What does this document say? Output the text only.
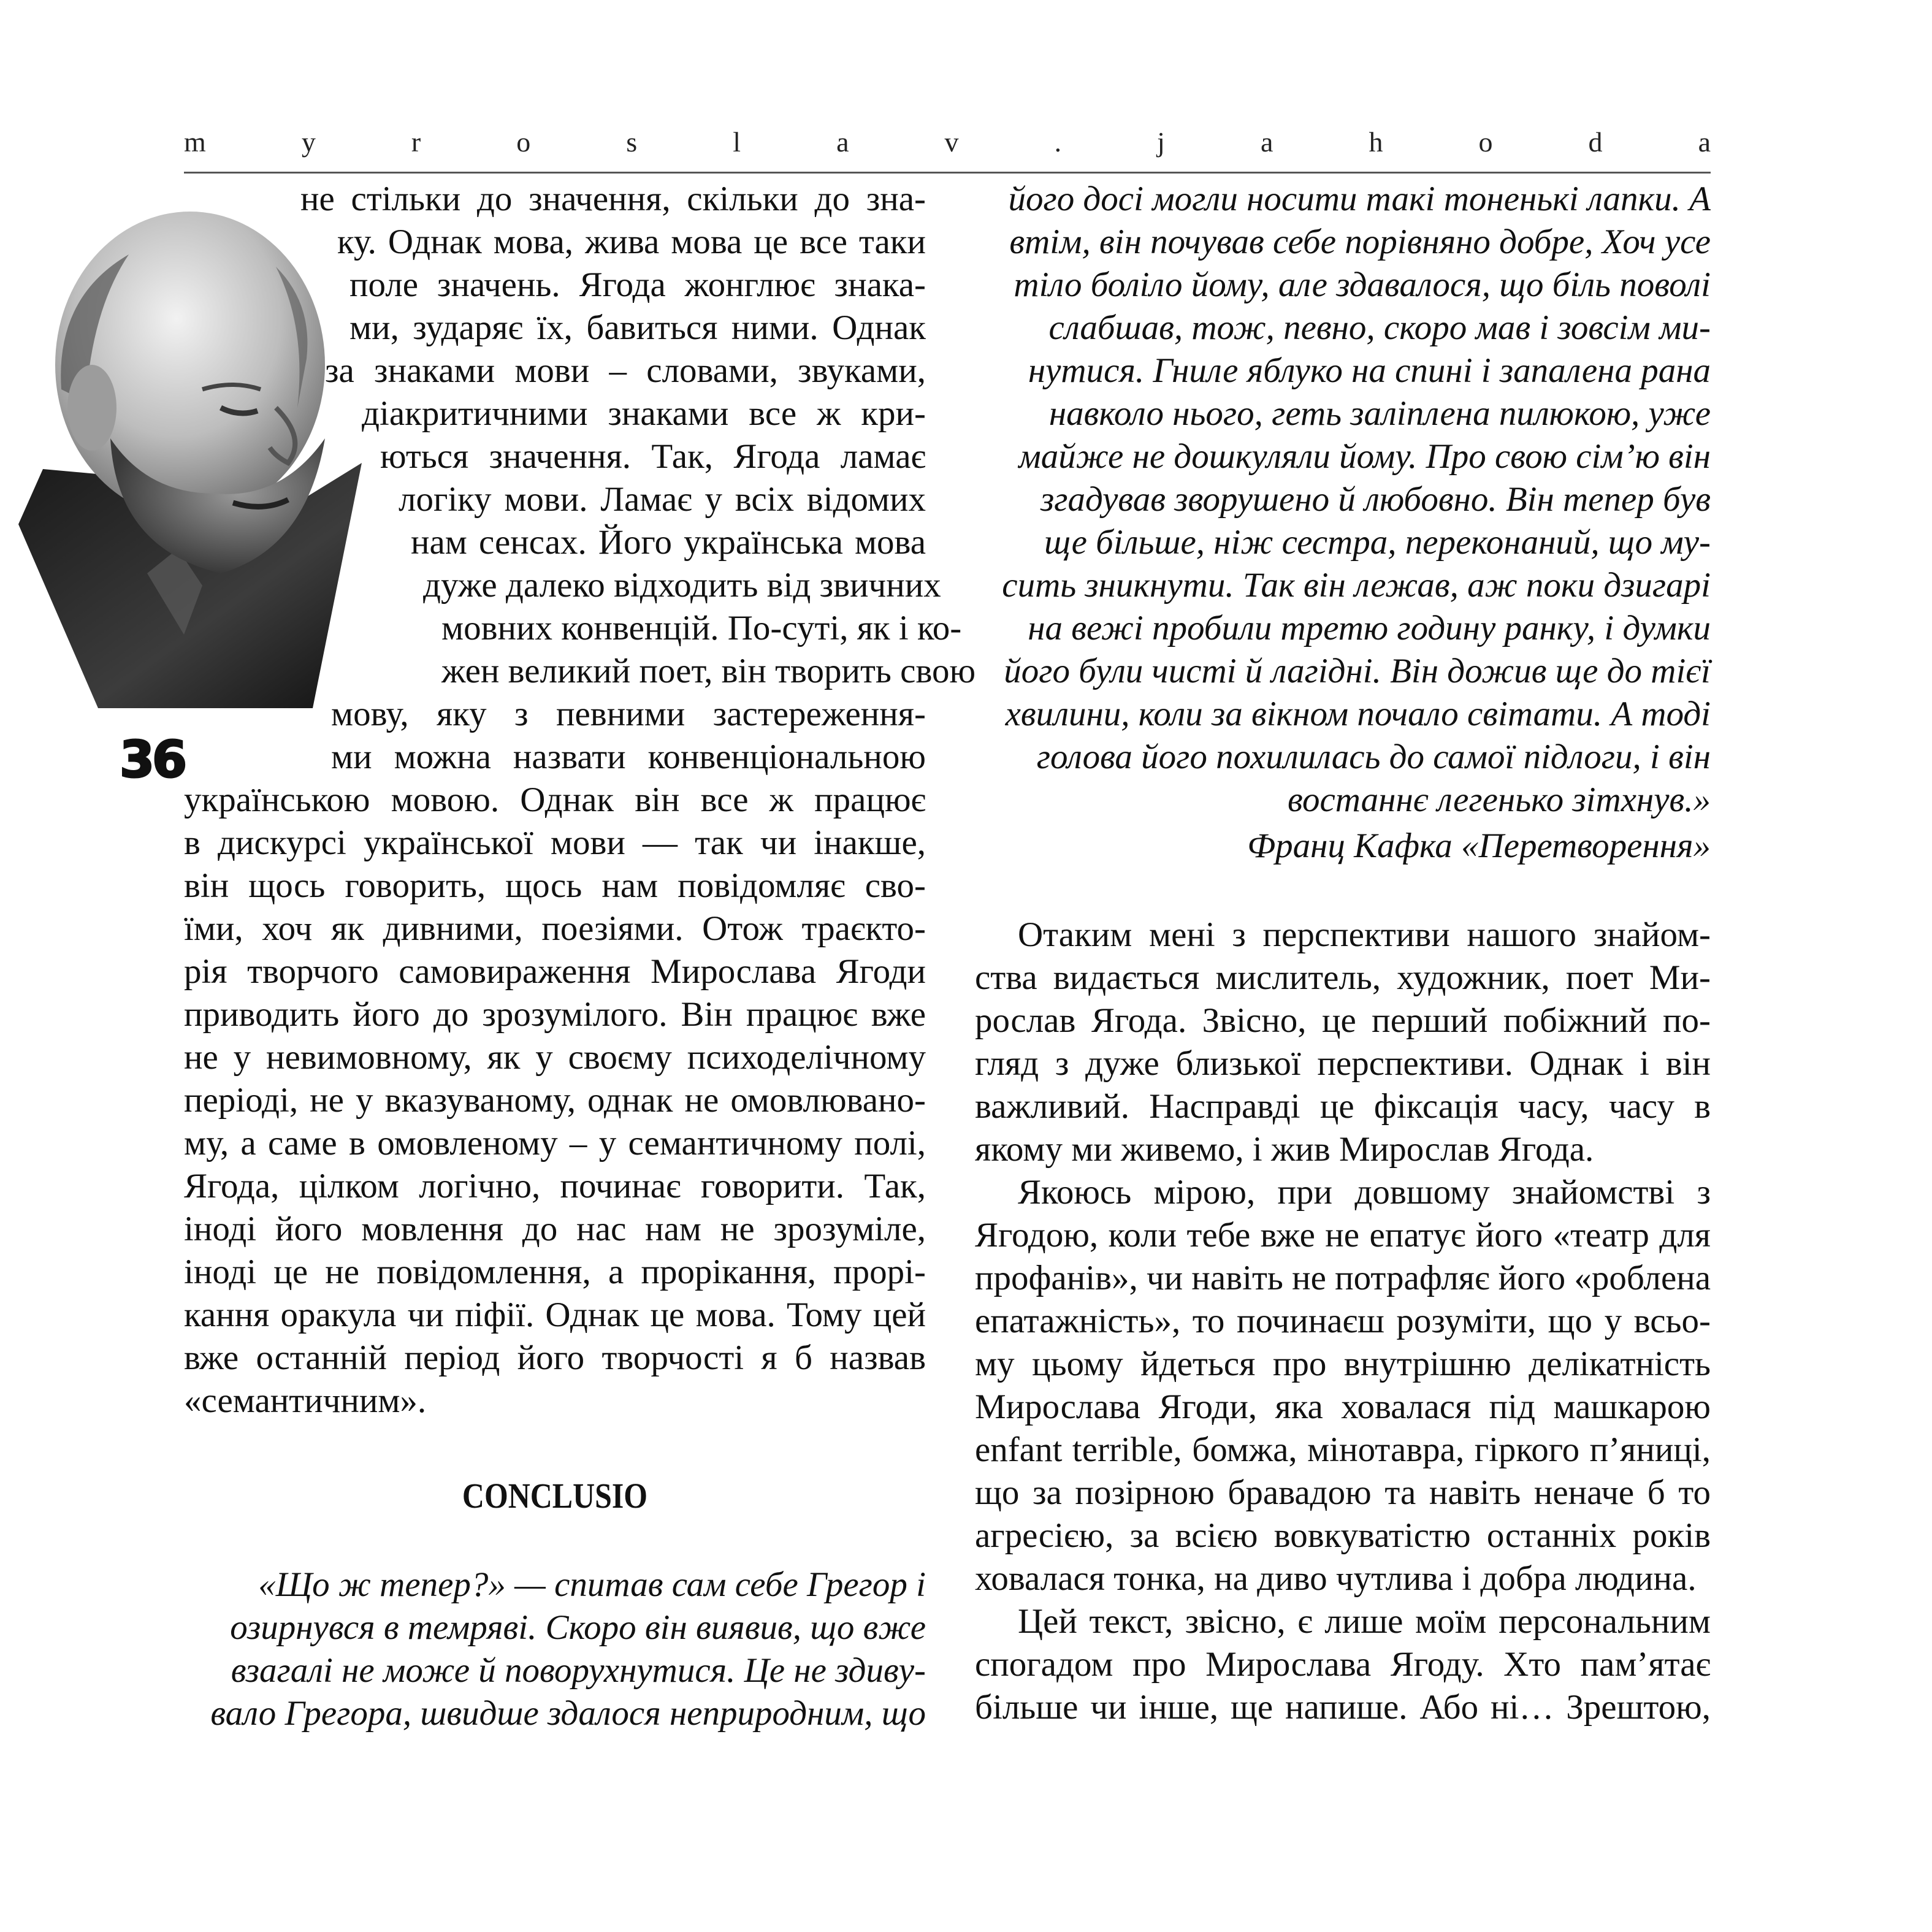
m	y	r	o	s	l	a	v	.	j	a	h	o	d	a
36
не стільки до значення, скільки до зна-
ку. Однак мова, жива мова це все таки
поле значень. Ягода жонглює знака-
ми, зударяє їх, бавиться ними. Однак
за знаками мови – словами, звуками,
діакритичними знаками все ж кри-
ються значення. Так, Ягода ламає
логіку мови. Ламає у всіх відомих
нам сенсах. Його українська мова
дуже далеко відходить від звичних
мовних конвенцій. По-суті, як і ко-
жен великий поет, він творить свою
мову, яку з певними застереження-
ми можна назвати конвенціональною
українською мовою. Однак він все ж працює
в дискурсі української мови — так чи інакше,
він щось говорить, щось нам повідомляє сво-
їми, хоч як дивними, поезіями. Отож траєкто-
рія творчого самовираження Мирослава Ягоди
приводить його до зрозумілого. Він працює вже
не у невимовному, як у своєму психоделічному
періоді, не у вказуваному, однак не омовлювано-
му, а саме в омовленому – у семантичному полі,
Ягода, цілком логічно, починає говорити. Так,
іноді його мовлення до нас нам не зрозуміле,
іноді це не повідомлення, а прорікання, прорі-
кання оракула чи піфії. Однак це мова. Тому цей
вже останній період його творчості я б назвав
«семантичним».
CONCLUSIO
«Що ж тепер?» — спитав сам себе Грегор і
озирнувся в темряві. Скоро він виявив, що вже
взагалі не може й поворухнутися. Це не здиву-
вало Грегора, швидше здалося неприродним, що
його досі могли носити такі тоненькі лапки. А
втім, він почував себе порівняно добре, Хоч усе
тіло боліло йому, але здавалося, що біль поволі
слабшав, тож, певно, скоро мав і зовсім ми-
нутися. Гниле яблуко на спині і запалена рана
навколо нього, геть заліплена пилюкою, уже
майже не дошкуляли йому. Про свою сім’ю він
згадував зворушено й любовно. Він тепер був
ще більше, ніж сестра, переконаний, що му-
сить зникнути. Так він лежав, аж поки дзигарі
на вежі пробили третю годину ранку, і думки
його були чисті й лагідні. Він дожив ще до тієї
хвилини, коли за вікном почало світати. А тоді
голова його похилилась до самої підлоги, і він
востаннє легенько зітхнув.»
Франц Кафка «Перетворення»
Отаким мені з перспективи нашого знайом-
ства видається мислитель, художник, поет Ми-
рослав Ягода. Звісно, це перший побіжний по-
гляд з дуже близької перспективи. Однак і він
важливий. Насправді це фіксація часу, часу в
якому ми живемо, і жив Мирослав Ягода.
Якоюсь мірою, при довшому знайомстві з
Ягодою, коли тебе вже не епатує його «театр для
профанів», чи навіть не потрафляє його «роблена
епатажність», то починаєш розуміти, що у всьо-
му цьому йдеться про внутрішню делікатність
Мирослава Ягоди, яка ховалася під машкарою
enfant terrible, бомжа, мінотавра, гіркого п’яниці,
що за позірною бравадою та навіть неначе б то
агресією, за всією вовкуватістю останніх років
ховалася тонка, на диво чутлива і добра людина.
Цей текст, звісно, є лише моїм персональним
спогадом про Мирослава Ягоду. Хто пам’ятає
більше чи інше, ще напише. Або ні… Зрештою,
